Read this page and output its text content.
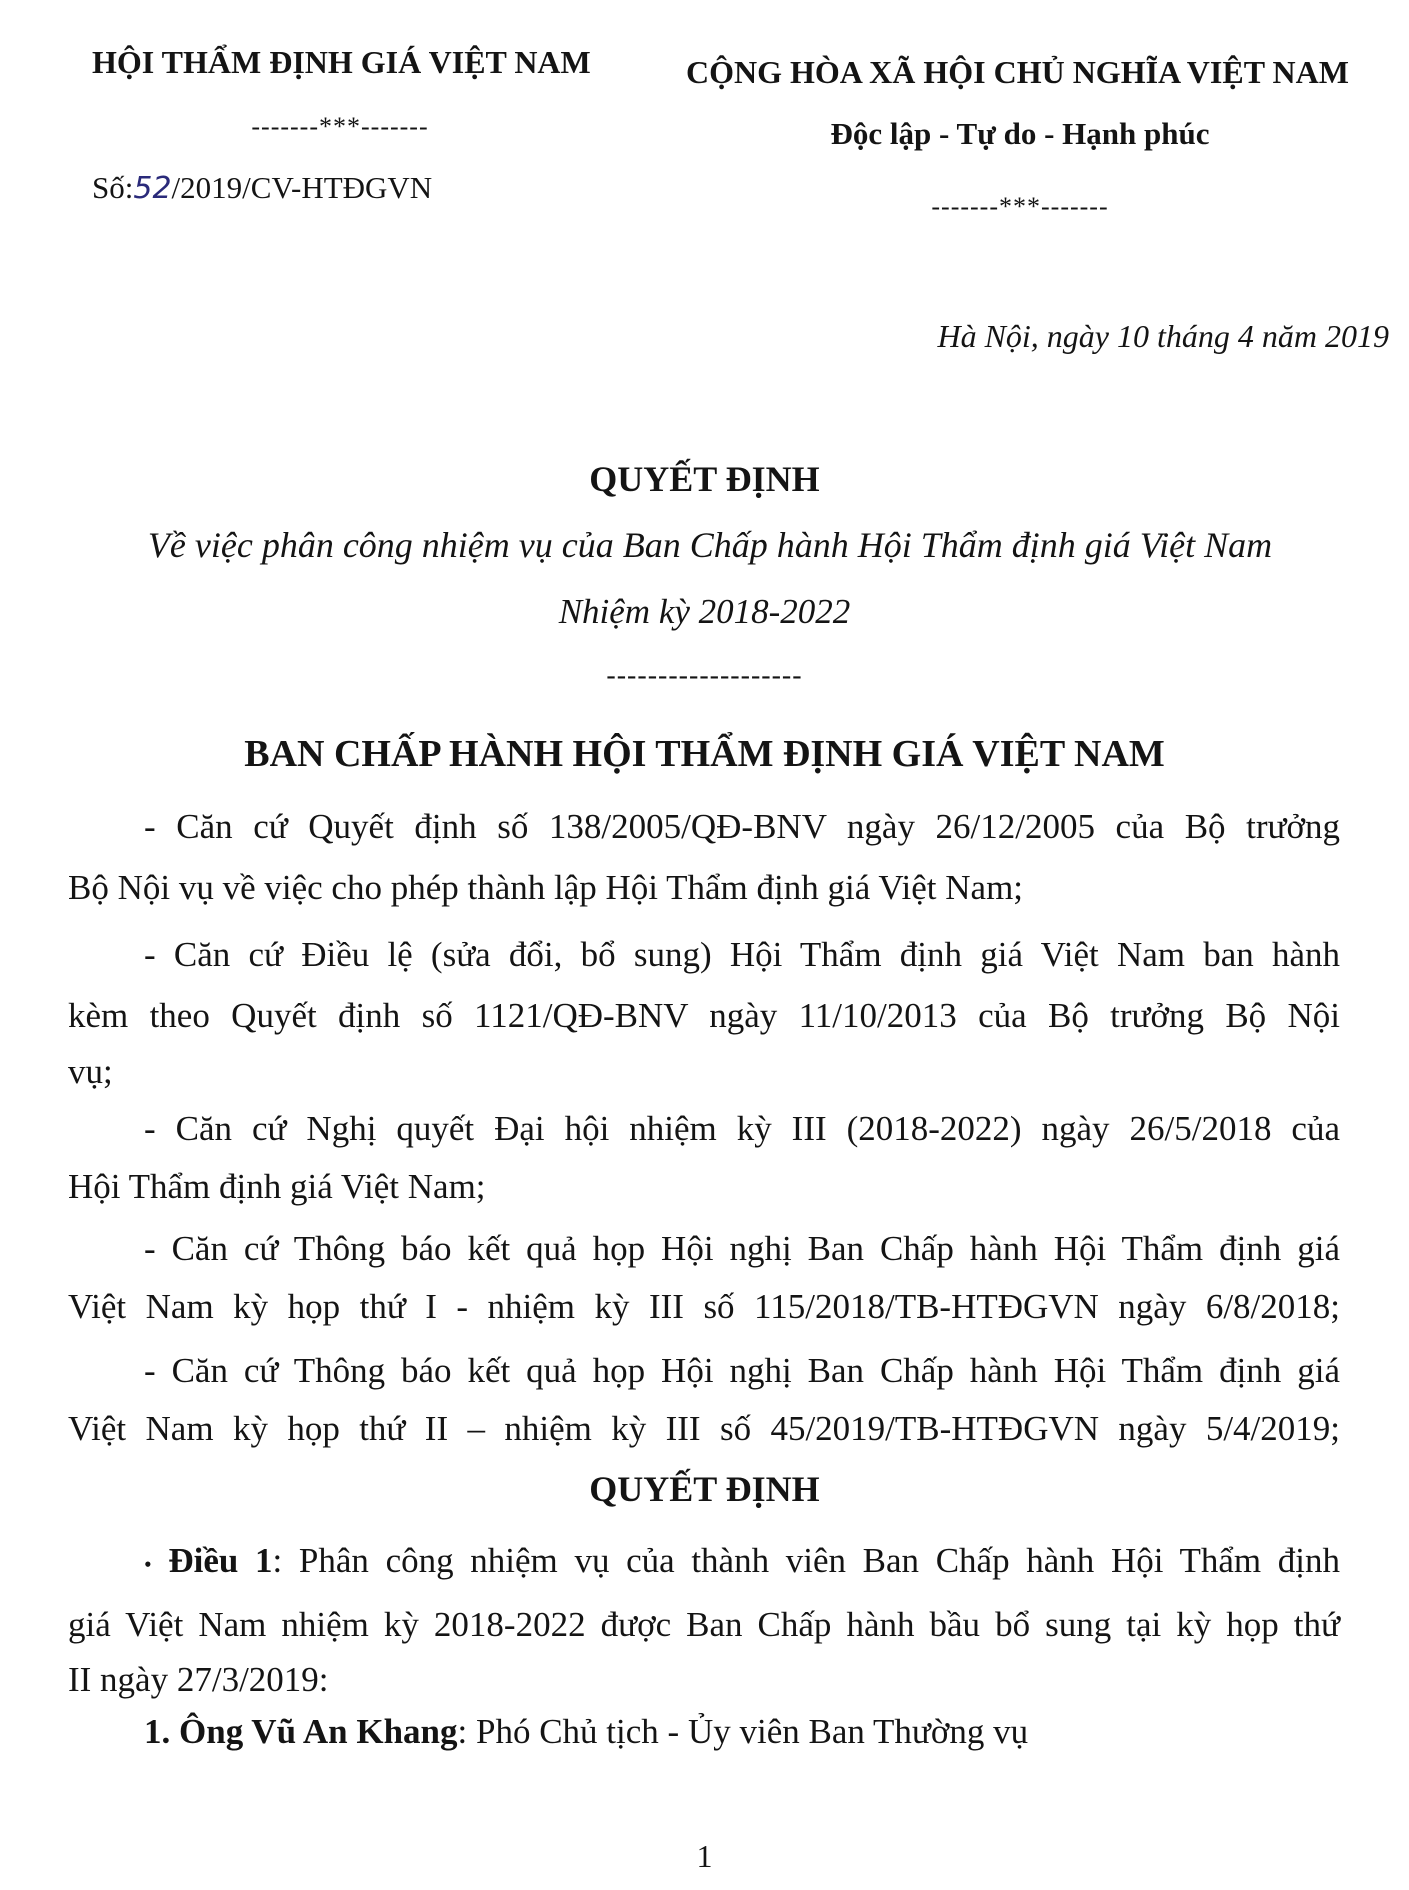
HỘI THẨM ĐỊNH GIÁ VIỆT NAM
-------***-------
Số:52/2019/CV-HTĐGVN
CỘNG HÒA XÃ HỘI CHỦ NGHĨA VIỆT NAM
Độc lập - Tự do - Hạnh phúc
-------***-------
Hà Nội, ngày 10 tháng 4 năm 2019
QUYẾT ĐỊNH
Về việc phân công nhiệm vụ của Ban Chấp hành Hội Thẩm định giá Việt Nam
Nhiệm kỳ 2018-2022
-------------------
BAN CHẤP HÀNH HỘI THẨM ĐỊNH GIÁ VIỆT NAM
- Căn cứ Quyết định số 138/2005/QĐ-BNV ngày 26/12/2005 của Bộ trưởng
Bộ Nội vụ về việc cho phép thành lập Hội Thẩm định giá Việt Nam;
- Căn cứ Điều lệ (sửa đổi, bổ sung) Hội Thẩm định giá Việt Nam ban hành
kèm theo Quyết định số 1121/QĐ-BNV ngày 11/10/2013 của Bộ trưởng Bộ Nội
vụ;
- Căn cứ Nghị quyết Đại hội nhiệm kỳ III (2018-2022) ngày 26/5/2018 của
Hội Thẩm định giá Việt Nam;
- Căn cứ Thông báo kết quả họp Hội nghị Ban Chấp hành Hội Thẩm định giá
Việt Nam kỳ họp thứ I - nhiệm kỳ III số 115/2018/TB-HTĐGVN ngày 6/8/2018;
- Căn cứ Thông báo kết quả họp Hội nghị Ban Chấp hành Hội Thẩm định giá
Việt Nam kỳ họp thứ II – nhiệm kỳ III số 45/2019/TB-HTĐGVN ngày 5/4/2019;
QUYẾT ĐỊNH
• Điều 1: Phân công nhiệm vụ của thành viên Ban Chấp hành Hội Thẩm định
giá Việt Nam nhiệm kỳ 2018-2022 được Ban Chấp hành bầu bổ sung tại kỳ họp thứ
II ngày 27/3/2019:
1. Ông Vũ An Khang: Phó Chủ tịch - Ủy viên Ban Thường vụ
1
